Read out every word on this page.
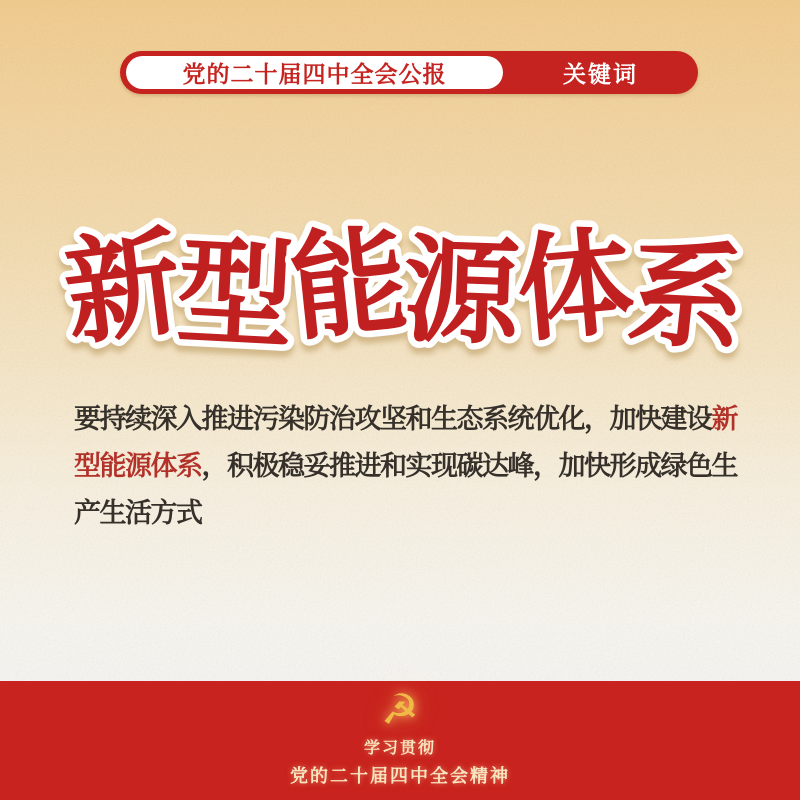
党的二十届四中全会公报	关键词
新
型
能
源
体
系
要持续深入推进污染防治攻坚和生态系统优化，加快建设新
型能源体系，积极稳妥推进和实现碳达峰，加快形成绿色生
产生活方式
☭
学习贯彻
党的二十届四中全会精神
